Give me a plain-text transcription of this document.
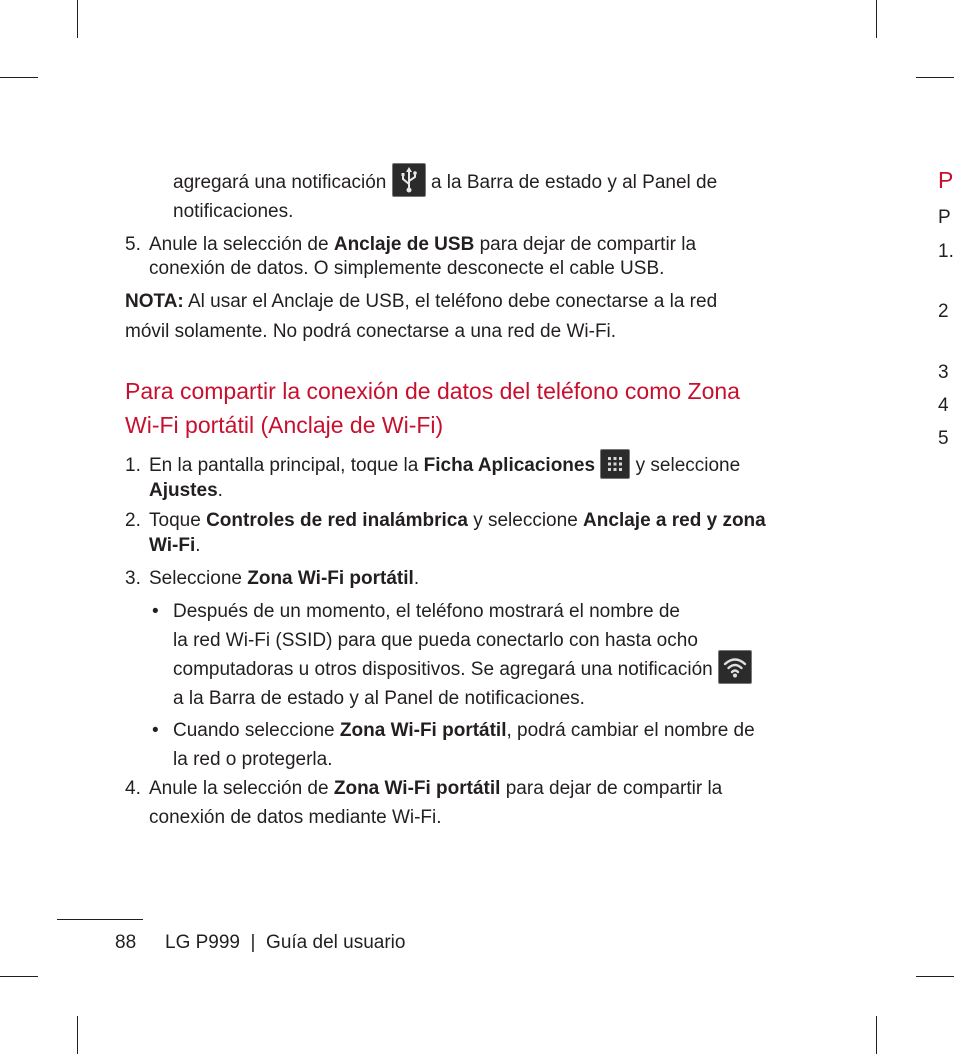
agregará una notificación a la Barra de estado y al Panel de
notificaciones.
5. Anule la selección de Anclaje de USB para dejar de compartir la
conexión de datos. O simplemente desconecte el cable USB.
NOTA: Al usar el Anclaje de USB, el teléfono debe conectarse a la red
móvil solamente. No podrá conectarse a una red de Wi-Fi.
Para compartir la conexión de datos del teléfono como Zona
Wi-Fi portátil (Anclaje de Wi-Fi)
1. En la pantalla principal, toque la Ficha Aplicaciones y seleccione
Ajustes.
2. Toque Controles de red inalámbrica y seleccione Anclaje a red y zona
Wi-Fi.
3. Seleccione Zona Wi-Fi portátil.
• Después de un momento, el teléfono mostrará el nombre de
la red Wi-Fi (SSID) para que pueda conectarlo con hasta ocho
computadoras u otros dispositivos. Se agregará una notificación
a la Barra de estado y al Panel de notificaciones.
• Cuando seleccione Zona Wi-Fi portátil, podrá cambiar el nombre de
la red o protegerla.
4. Anule la selección de Zona Wi-Fi portátil para dejar de compartir la
conexión de datos mediante Wi-Fi.
88 LG P999  |  Guía del usuario
P
P
1.
2
3
4
5
